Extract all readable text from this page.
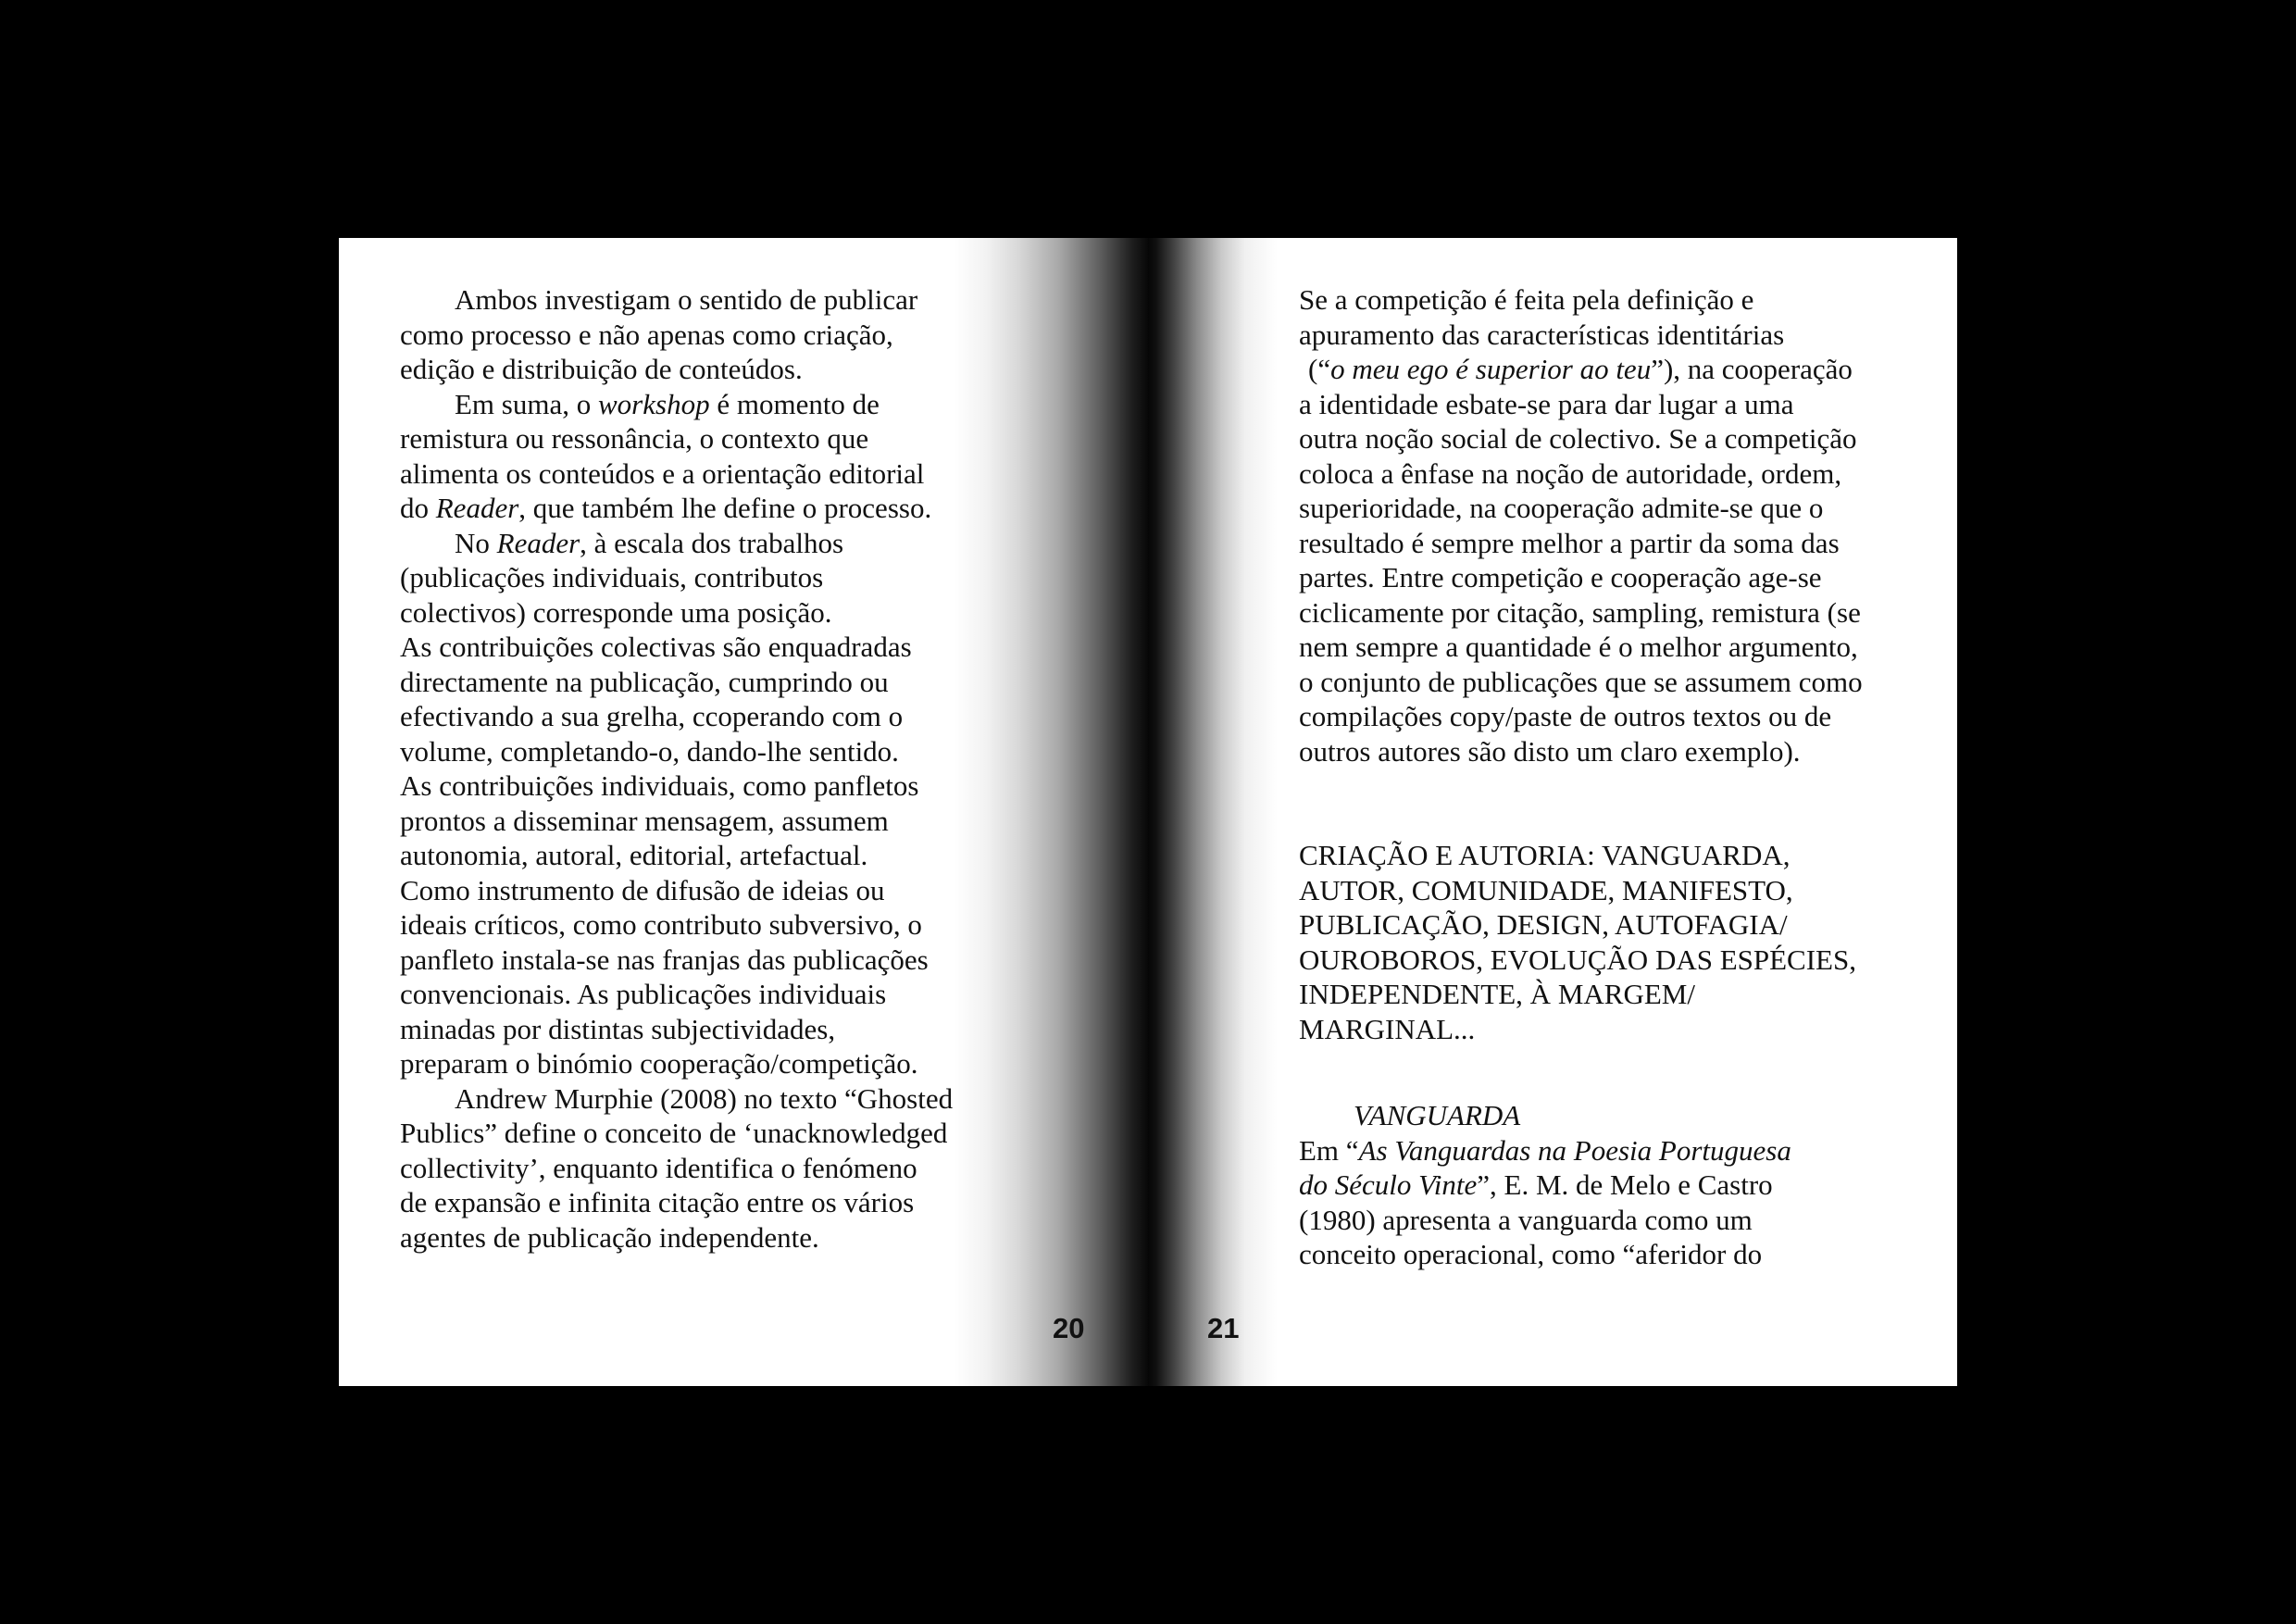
Ambos investigam o sentido de publicar
como processo e não apenas como criação,
edição e distribuição de conteúdos.
Em suma, o workshop é momento de
remistura ou ressonância, o contexto que
alimenta os conteúdos e a orientação editorial
do Reader, que também lhe define o processo.
No Reader, à escala dos trabalhos
(publicações individuais, contributos
colectivos) corresponde uma posição.
As contribuições colectivas são enquadradas
directamente na publicação, cumprindo ou
efectivando a sua grelha, ccoperando com o
volume, completando-o, dando-lhe sentido.
As contribuições individuais, como panfletos
prontos a disseminar mensagem, assumem
autonomia, autoral, editorial, artefactual.
Como instrumento de difusão de ideias ou
ideais críticos, como contributo subversivo, o
panfleto instala-se nas franjas das publicações
convencionais. As publicações individuais
minadas por distintas subjectividades,
preparam o binómio cooperação/competição.
Andrew Murphie (2008) no texto “Ghosted
Publics” define o conceito de ‘unacknowledged
collectivity’, enquanto identifica o fenómeno
de expansão e infinita citação entre os vários
agentes de publicação independente.
20
Se a competição é feita pela definição e
apuramento das características identitárias
(“o meu ego é superior ao teu”), na cooperação
a identidade esbate-se para dar lugar a uma
outra noção social de colectivo. Se a competição
coloca a ênfase na noção de autoridade, ordem,
superioridade, na cooperação admite-se que o
resultado é sempre melhor a partir da soma das
partes. Entre competição e cooperação age-se
ciclicamente por citação, sampling, remistura (se
nem sempre a quantidade é o melhor argumento,
o conjunto de publicações que se assumem como
compilações copy/paste de outros textos ou de
outros autores são disto um claro exemplo).
CRIAÇÃO E AUTORIA: VANGUARDA,
AUTOR, COMUNIDADE, MANIFESTO,
PUBLICAÇÃO, DESIGN, AUTOFAGIA/
OUROBOROS, EVOLUÇÃO DAS ESPÉCIES,
INDEPENDENTE, À MARGEM/
MARGINAL...
VANGUARDA
Em “As Vanguardas na Poesia Portuguesa
do Século Vinte”, E. M. de Melo e Castro
(1980) apresenta a vanguarda como um
conceito operacional, como “aferidor do
21
